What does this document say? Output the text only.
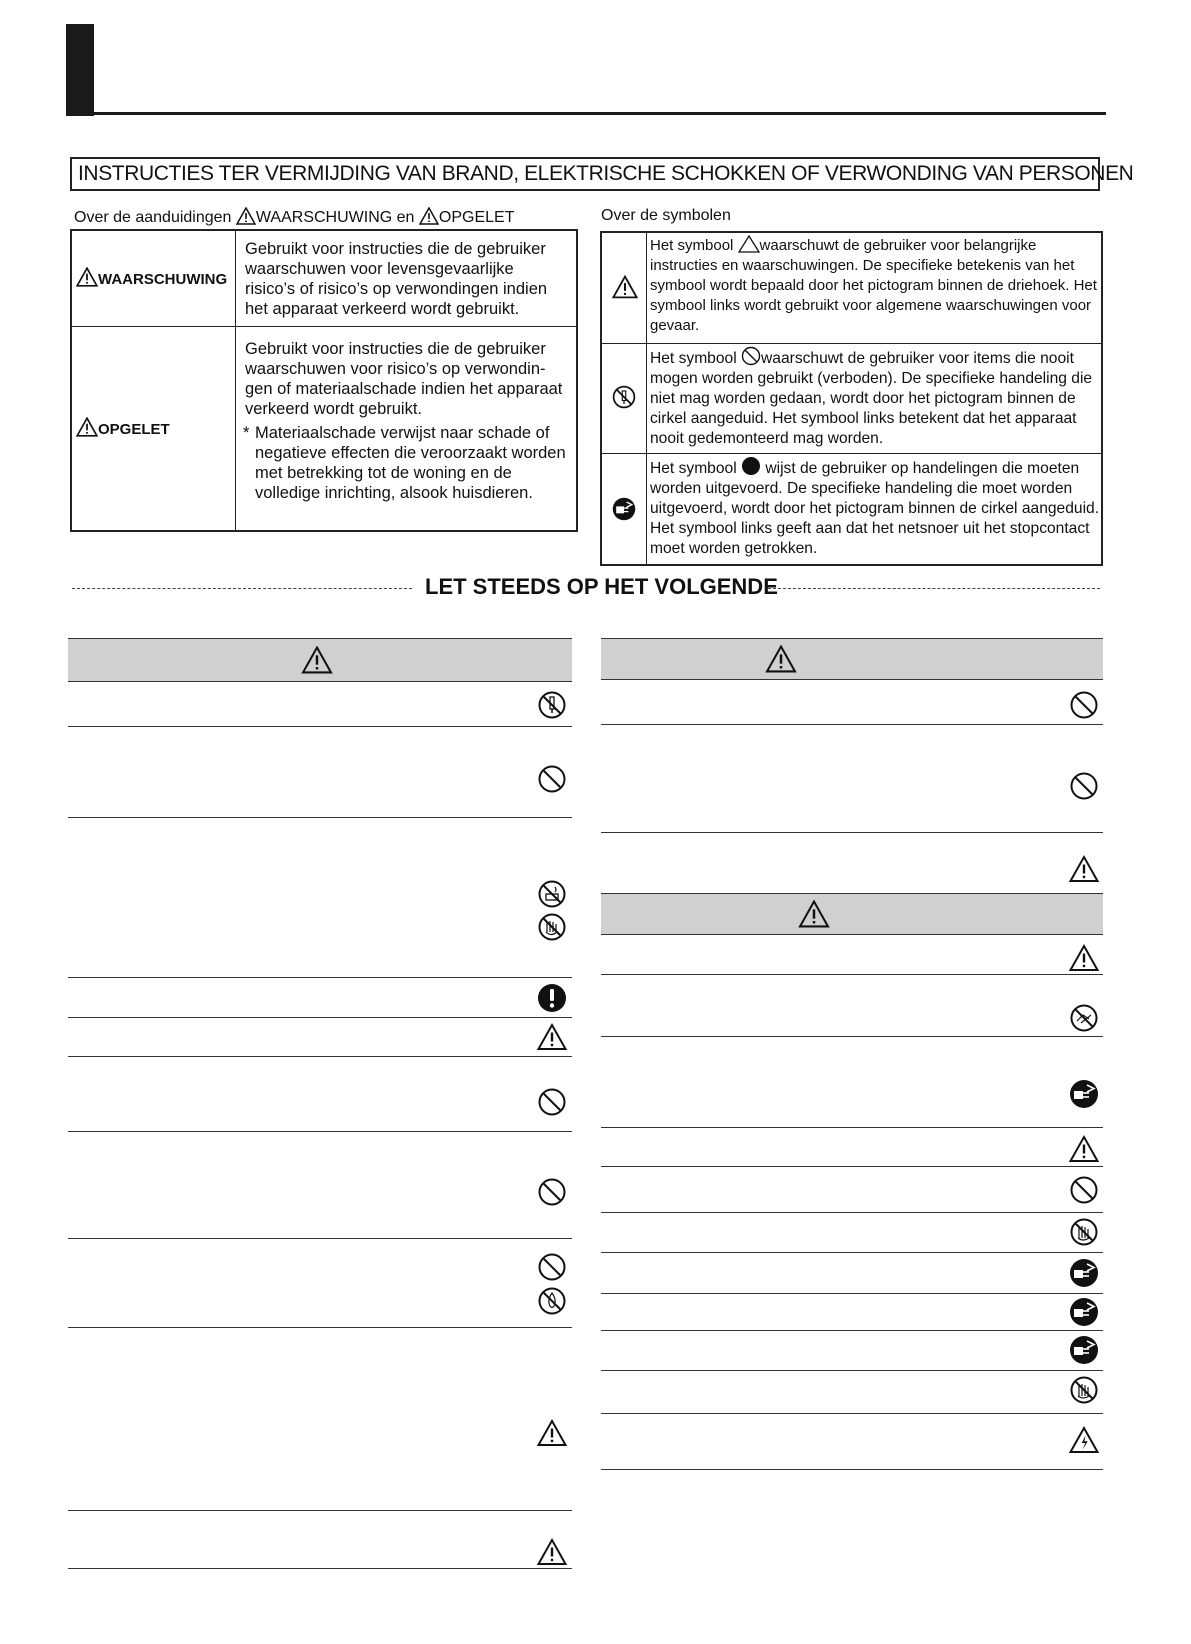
INSTRUCTIES TER VERMIJDING VAN BRAND, ELEKTRISCHE SCHOKKEN OF VERWONDING VAN PERSONEN
Over de aanduidingen WAARSCHUWING en OPGELET
WAARSCHUWING
Gebruikt voor instructies die de gebruiker waarschuwen voor levensgevaarlijke risico’s of risico’s op verwondingen indien het apparaat verkeerd wordt gebruikt.
OPGELET
Gebruikt voor instructies die de gebruiker waarschuwen voor risico’s op verwondin-gen of materiaalschade indien het apparaat verkeerd wordt gebruikt.
* Materiaalschade verwijst naar schade of negatieve effecten die veroorzaakt worden met betrekking tot de woning en de volledige inrichting, alsook huisdieren.
Over de symbolen
Het symbool waarschuwt de gebruiker voor belangrijke instructies en waarschuwingen. De specifieke betekenis van het symbool wordt bepaald door het pictogram binnen de driehoek. Het symbool links wordt gebruikt voor algemene waarschuwingen voor gevaar.
Het symbool waarschuwt de gebruiker voor items die nooit mogen worden gebruikt (verboden). De specifieke handeling die niet mag worden gedaan, wordt door het pictogram binnen de cirkel aangeduid. Het symbool links betekent dat het apparaat nooit gedemonteerd mag worden.
Het symbool wijst de gebruiker op handelingen die moeten worden uitgevoerd. De specifieke handeling die moet worden uitgevoerd, wordt door het pictogram binnen de cirkel aangeduid. Het symbool links geeft aan dat het netsnoer uit het stopcontact moet worden getrokken.
LET STEEDS OP HET VOLGENDE
